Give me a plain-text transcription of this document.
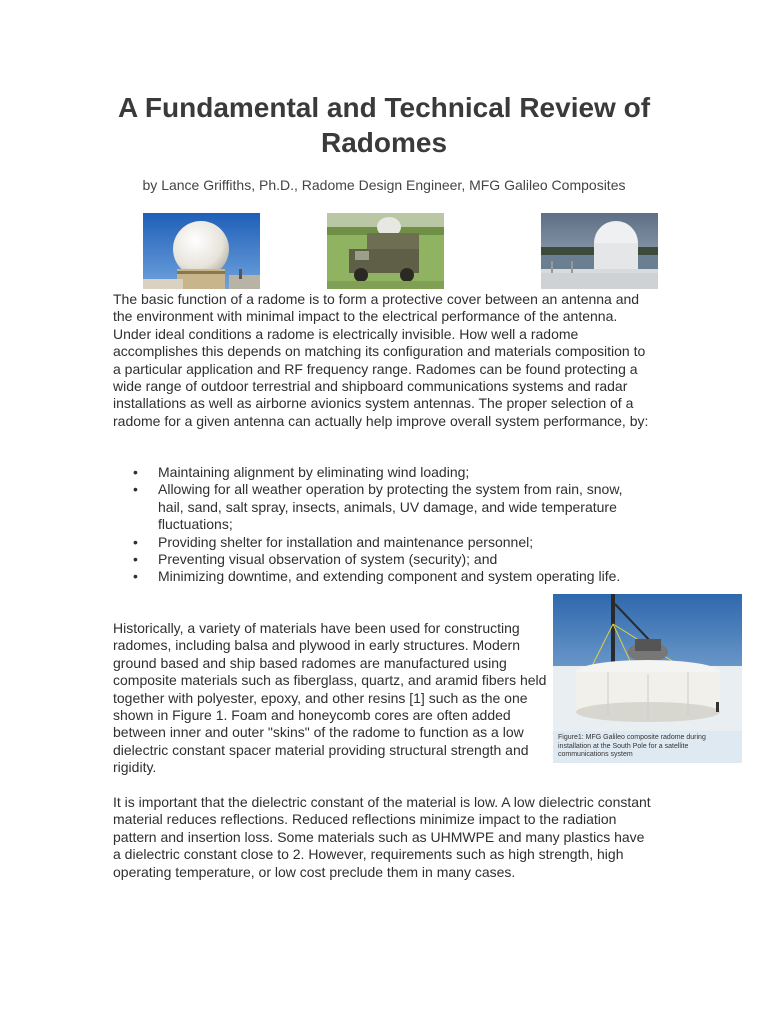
A Fundamental and Technical Review of Radomes
by Lance Griffiths, Ph.D., Radome Design Engineer, MFG Galileo Composites

The basic function of a radome is to form a protective cover between an antenna and the environment with minimal impact to the electrical performance of the antenna. Under ideal conditions a radome is electrically invisible. How well a radome accomplishes this depends on matching its configuration and materials composition to a particular application and RF frequency range. Radomes can be found protecting a wide range of outdoor terrestrial and shipboard communications systems and radar installations as well as airborne avionics system antennas. The proper selection of a radome for a given antenna can actually help improve overall system performance, by:

• Maintaining alignment by eliminating wind loading;
• Allowing for all weather operation by protecting the system from rain, snow, hail, sand, salt spray, insects, animals, UV damage, and wide temperature fluctuations;
• Providing shelter for installation and maintenance personnel;
• Preventing visual observation of system (security); and
• Minimizing downtime, and extending component and system operating life.

Historically, a variety of materials have been used for constructing radomes, including balsa and plywood in early structures. Modern ground based and ship based radomes are manufactured using composite materials such as fiberglass, quartz, and aramid fibers held together with polyester, epoxy, and other resins [1] such as the one shown in Figure 1. Foam and honeycomb cores are often added between inner and outer "skins" of the radome to function as a low dielectric constant spacer material providing structural strength and rigidity.

Figure1: MFG Galileo composite radome during installation at the South Pole for a satellite communications system

It is important that the dielectric constant of the material is low. A low dielectric constant material reduces reflections. Reduced reflections minimize impact to the radiation pattern and insertion loss. Some materials such as UHMWPE and many plastics have a dielectric constant close to 2. However, requirements such as high strength, high operating temperature, or low cost preclude them in many cases.
